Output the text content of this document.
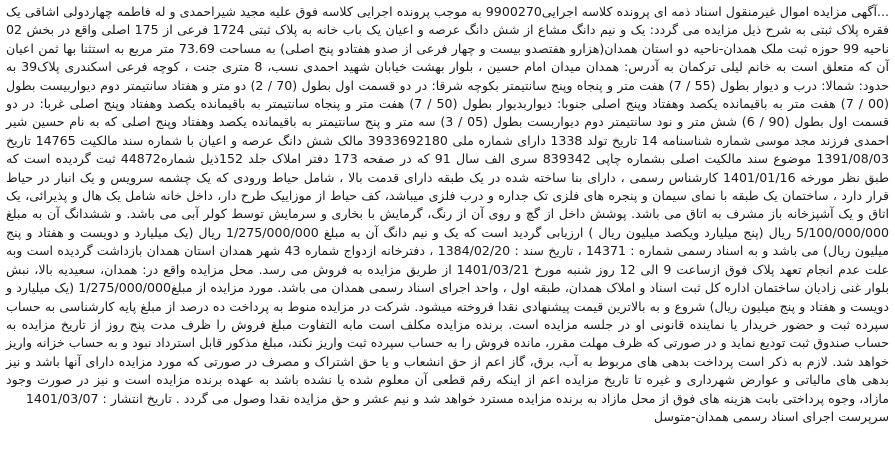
...آگهی مزایده اموال غیرمنقول اسناد ذمه ای پرونده کلاسه اجرایی9900270 به موجب پرونده اجرایی کلاسه فوق علیه مجید شیراحمدی و له فاطمه چهاردولی اشاقی یک فقره پلاک ثبتی به شرح ذیل مزایده می گردد: یک و نیم دانگ مشاع از شش دانگ عرصه و اعیان یک باب خانه به پلاک ثبتی 1724 فرعی از 175 اصلی واقع در بخش 02 ناحیه 99 حوزه ثبت ملک همدان-ناحیه دو استان همدان(هزارو هفتصدو بیست و چهار فرعی از صدو هفتادو پنج اصلی) به مساحت 73.69 متر مربع به استثنا بها ثمن اعیان آن که متعلق است به خانم لیلی ترکمان به آدرس: همدان میدان امام حسین ، بلوار بهشت خیابان شهید احمدی نسب، 8 متری جنت ، کوچه فرعی اسکندری پلاک39 به حدود: شمالا: درب و دیوار بطول (55 / 7) هفت متر و پنجاه وپنج سانتیمتر بکوچه شرقا: در دو قسمت اول بطول (70 / 2) دو متر و هفتاد سانتیمتر دوم دیواربیست بطول (00 / 7) هفت متر به باقیمانده یکصد وهفتاد وپنج اصلی جنوبا: دیواربدیوار بطول (50 / 7) هفت متر و پنجاه سانتیمتر به باقیمانده یکصد وهفتاد وپنج اصلی غربا: در دو قسمت اول بطول (90 / 6) شش متر و نود سانتیمتر دوم دیواربست بطول (05 / 3) سه متر و پنج سانتیمتر به باقیمانده یکصد وهفتاد وپنج اصلی که به نام حسین شیر احمدی فرزند مجد موسی شماره شناسنامه 14 تاریخ تولد 1338 دارای شماره ملی 3933692180 مالک شش دانگ عرصه و اعیان با شماره سند مالکیت 14765 تاریخ 1391/08/03 موضوع سند مالکیت اصلی بشماره چاپی 839342 سری الف سال 91 که در صفحه 173 دفتر املاک جلد 152ذیل شماره44872 ثبت گردیده است که طبق نظر مورخه 1401/01/16 کارشناس رسمی ، دارای بنا ساخته شده در یک طبقه دارای قدمت بالا ، شامل حیاط ورودی که یک چشمه سرویس و یک انبار در حیاط قرار دارد ، ساختمان یک طبقه با نمای سیمان و پنجره های فلزی تک جداره و درب فلزی میباشد، کف حیاط از موزاییک طرح دار، داخل خانه شامل یک هال و پذیرائی، یک اتاق و یک آشپزخانه باز مشرف به اتاق می باشد. پوشش داخل از گچ و روی آن از رنگ، گرمایش با بخاری و سرمایش توسط کولر آبی می باشد. و ششدانگ آن به مبلغ 5/100/000/000 ریال (پنج میلیارد ویکصد میلیون ریال ) ارزیابی گردید است که یک و نیم دانگ آن به مبلغ 1/275/000/000 ریال (یک میلیارد و دویست و هفتاد و پنج میلیون ریال) می باشد و به اسناد رسمی شماره : 14371 ، تاریخ سند : 1384/02/20 ، دفترخانه ازدواج شماره 43 شهر همدان استان همدان بازداشت گردیده است وبه علت عدم انجام تعهد پلاک فوق ازساعت 9 الی 12 روز شنبه مورخ 1401/03/21 از طریق مزایده به فروش می رسد. محل مزایده واقع در: همدان، سعیدیه بالا، نبش بلوار غنی زادیان ساختمان اداره کل ثبت اسناد و املاک همدان، طبقه اول ، واحد اجرای اسناد رسمی همدان می باشد. مورد مزایده از مبلغ1/275/000/000 (یک میلیارد و دویست و هفتاد و پنج میلیون ریال) شروع و به بالاترین قیمت پیشنهادی نقدا فروخته میشود. شرکت در مزایده منوط به پرداخت ده درصد از مبلغ پایه کارشناسی به حساب سپرده ثبت و حضور خریدار یا نماینده قانونی او در جلسه مزایده است. برنده مزایده مکلف است مابه التفاوت مبلغ فروش را ظرف مدت پنج روز از تاریخ مزایده به حساب صندوق ثبت تودیع نماید و در صورتی که ظرف مهلت مقرر، مانده فروش را به حساب سپرده ثبت واریز نکند، مبلغ مذکور قابل استرداد نبود و به حساب خزانه واریز خواهد شد. لازم به ذکر است پرداخت بدهی های مربوط به آب، برق، گاز اعم از حق انشعاب و یا حق اشتراک و مصرف در صورتی که مورد مزایده دارای آنها باشد و نیز بدهی های مالیاتی و عوارض شهرداری و غیره تا تاریخ مزایده اعم از اینکه رقم قطعی آن معلوم شده یا نشده باشد به عهده برنده مزایده است و نیز در صورت وجود مازاد، وجوه پرداختی بابت هزینه های فوق از محل مازاد به برنده مزایده مسترد خواهد شد و نیم عشر و حق مزایده نقدا وصول می گردد . تاریخ انتشار : 1401/03/07

سرپرست اجرای اسناد رسمی همدان-متوسل
